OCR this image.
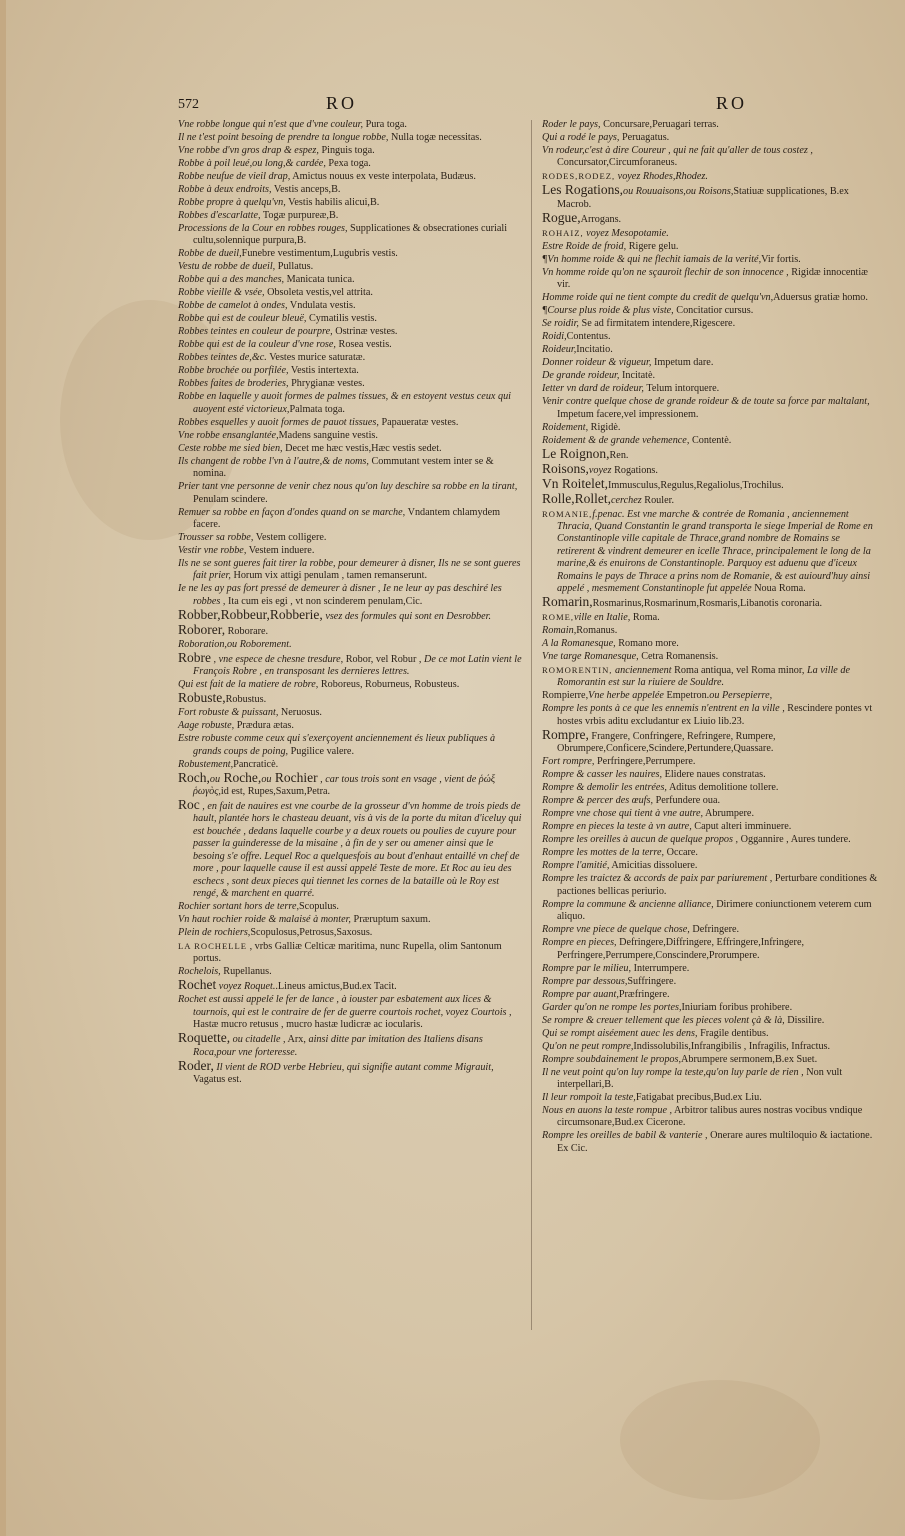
572	RO	RO
Vne robbe longue qui n'est que d'vne couleur, Pura toga.
Il ne t'est point besoing de prendre ta longue robbe, Nulla togæ necessitas.
Vne robbe d'vn gros drap & espez, Pinguis toga.
Robbe à poil leué,ou long,& cardée, Pexa toga.
Robbe neufue de vieil drap, Amictus nouus ex veste interpolata, Budæus.
Robbe à deux endroits, Vestis anceps,B.
Robbe propre à quelqu'vn, Vestis habilis alicui,B.
Robbes d'escarlatte, Togæ purpureæ,B.
Processions de la Cour en robbes rouges, Supplicationes & obsecrationes curiali cultu,solennique purpura,B.
Robbe de dueil,Funebre vestimentum,Lugubris vestis.
Vestu de robbe de dueil, Pullatus.
Robbe qui a des manches, Manicata tunica.
Robbe vieille & vsée, Obsoleta vestis,vel attrita.
Robbe de camelot à ondes, Vndulata vestis.
Robbe qui est de couleur bleuë, Cymatilis vestis.
Robbes teintes en couleur de pourpre, Ostrinæ vestes.
Robbe qui est de la couleur d'vne rose, Rosea vestis.
Robbes teintes de,&c. Vestes murice saturatæ.
Robbe brochée ou porfilée, Vestis intertexta.
Robbes faites de broderies, Phrygianæ vestes.
Robbe en laquelle y auoit formes de palmes tissues, & en estoyent vestus ceux qui auoyent esté victorieux,Palmata toga.
Robbes esquelles y auoit formes de pauot tissues, Papaueratæ vestes.
Vne robbe ensanglantée,Madens sanguine vestis.
Ceste robbe me sied bien, Decet me hæc vestis,Hæc vestis sedet.
Ils changent de robbe l'vn à l'autre,& de noms, Commutant vestem inter se & nomina.
Prier tant vne personne de venir chez nous qu'on luy deschire sa robbe en la tirant, Penulam scindere.
Remuer sa robbe en façon d'ondes quand on se marche, Vndantem chlamydem facere.
Trousser sa robbe, Vestem colligere.
Vestir vne robbe, Vestem induere.
Ils ne se sont gueres fait tirer la robbe, pour demeurer à disner, Ils ne se sont gueres fait prier, Horum vix attigi penulam , tamen remanserunt.
Ie ne les ay pas fort pressé de demeurer à disner , Ie ne leur ay pas deschiré les robbes , Ita cum eis egi , vt non scinderem penulam,Cic.
Robber,Robbeur,Robberie, vsez des formules qui sont en Desrobber.
Roborer, Roborare.
Roboration,ou Roborement.
Robre , vne espece de chesne tresdure, Robor, vel Robur , De ce mot Latin vient le François Robre , en transposant les dernieres lettres.
Qui est fait de la matiere de robre, Roboreus, Roburneus, Robusteus.
Robuste,Robustus.
Fort robuste & puissant, Neruosus.
Aage robuste, Prædura ætas.
Estre robuste comme ceux qui s'exerçoyent anciennement és lieux publiques à grands coups de poing, Pugilice valere.
Robustement,Pancraticè.
Roch,ou Roche,ou Rochier , car tous trois sont en vsage , vient de ῥώξ ῥωγὸς,id est, Rupes,Saxum,Petra.
Roc , en fait de nauires est vne courbe de la grosseur d'vn homme de trois pieds de hault, plantée hors le chasteau deuant, vis à vis de la porte du mitan d'iceluy qui est bouchée , dedans laquelle courbe y a deux rouets ou poulies de cuyure pour passer la guinderesse de la misaine , à fin de y ser ou amener ainsi que le besoing s'e offre. Lequel Roc a quelquesfois au bout d'enhaut entaillé vn chef de more , pour laquelle cause il est aussi appelé Teste de more. Et Roc au ieu des eschecs , sont deux pieces qui tiennet les cornes de la bataille où le Roy est rengé, & marchent en quarré.
Rochier sortant hors de terre,Scopulus.
Vn haut rochier roide & malaisé à monter, Præruptum saxum.
Plein de rochiers,Scopulosus,Petrosus,Saxosus.
LA ROCHELLE , vrbs Galliæ Celticæ maritima, nunc Rupella, olim Santonum portus.
Rochelois, Rupellanus.
Rochet voyez Roquet..Lineus amictus,Bud.ex Tacit.
Rochet est aussi appelé le fer de lance , à iouster par esbatement aux lices & tournois, qui est le contraire de fer de guerre courtois rochet, voyez Courtois , Hastæ mucro retusus , mucro hastæ ludicræ ac iocularis.
Roquette, ou citadelle , Arx, ainsi ditte par imitation des Italiens disans Roca,pour vne forteresse.
Roder, Il vient de ROD verbe Hebrieu, qui signifie autant comme Migrauit, Vagatus est.
Roder le pays, Concursare,Peruagari terras.
Qui a rodé le pays, Peruagatus.
Vn rodeur,c'est à dire Coureur , qui ne fait qu'aller de tous costez , Concursator,Circumforaneus.
RODES,RODEZ, voyez Rhodes,Rhodez.
Les Rogations,ou Rouuaisons,ou Roisons,Statiuæ supplicationes, B.ex Macrob.
Rogue,Arrogans.
ROHAIZ, voyez Mesopotamie.
Estre Roide de froid, Rigere gelu.
¶Vn homme roide & qui ne flechit iamais de la verité,Vir fortis.
Vn homme roide qu'on ne sçauroit flechir de son innocence , Rigidæ innocentiæ vir.
Homme roide qui ne tient compte du credit de quelqu'vn,Aduersus gratiæ homo.
¶Course plus roide & plus viste, Concitatior cursus.
Se roidir, Se ad firmitatem intendere,Rigescere.
Roidi,Contentus.
Roideur,Incitatio.
Donner roideur & vigueur, Impetum dare.
De grande roideur, Incitatè.
Ietter vn dard de roideur, Telum intorquere.
Venir contre quelque chose de grande roideur & de toute sa force par maltalant, Impetum facere,vel impressionem.
Roidement, Rigidè.
Roidement & de grande vehemence, Contentè.
Le Roignon,Ren.
Roisons,voyez Rogations.
Vn Roitelet,Immusculus,Regulus,Regaliolus,Trochilus.
Rolle,Rollet,cerchez Rouler.
ROMANIE,f.penac. Est vne marche & contrée de Romania , anciennement Thracia, Quand Constantin le grand transporta le siege Imperial de Rome en Constantinople ville capitale de Thrace,grand nombre de Romains se retirerent & vindrent demeurer en icelle Thrace, principalement le long de la marine,& és enuirons de Constantinople. Parquoy est aduenu que d'iceux Romains le pays de Thrace a prins nom de Romanie, & est auiourd'huy ainsi appelé , mesmement Constantinople fut appelée Noua Roma.
Romarin,Rosmarinus,Rosmarinum,Rosmaris,Libanotis coronaria.
ROME,ville en Italie, Roma.
Romain,Romanus.
A la Romanesque, Romano more.
Vne targe Romanesque, Cetra Romanensis.
ROMORENTIN, anciennement Roma antiqua, vel Roma minor, La ville de Romorantin est sur la riuiere de Souldre.
Rompierre,Vne herbe appelée Empetron.ou Persepierre,
Rompre les ponts à ce que les ennemis n'entrent en la ville , Rescindere pontes vt hostes vrbis aditu excludantur ex Liuio lib.23.
Rompre, Frangere, Confringere, Refringere, Rumpere, Obrumpere,Conficere,Scindere,Pertundere,Quassare.
Fort rompre, Perfringere,Perrumpere.
Rompre & casser les nauires, Elidere naues constratas.
Rompre & demolir les entrées, Aditus demolitione tollere.
Rompre & percer des œufs, Perfundere oua.
Rompre vne chose qui tient à vne autre, Abrumpere.
Rompre en pieces la teste à vn autre, Caput alteri imminuere.
Rompre les oreilles à aucun de quelque propos , Oggannire , Aures tundere.
Rompre les mottes de la terre, Occare.
Rompre l'amitié, Amicitias dissoluere.
Rompre les traictez & accords de paix par pariurement , Perturbare conditiones & pactiones bellicas periurio.
Rompre la commune & ancienne alliance, Dirimere coniunctionem veterem cum aliquo.
Rompre vne piece de quelque chose, Defringere.
Rompre en pieces, Defringere,Diffringere, Effringere,Infringere, Perfringere,Perrumpere,Conscindere,Prorumpere.
Rompre par le milieu, Interrumpere.
Rompre par dessous,Suffringere.
Rompre par auant,Præfringere.
Garder qu'on ne rompe les portes,Iniuriam foribus prohibere.
Se rompre & creuer tellement que les pieces volent çà & là, Dissilire.
Qui se rompt aiséement auec les dens, Fragile dentibus.
Qu'on ne peut rompre,Indissolubilis,Infrangibilis , Infragilis, Infractus.
Rompre soubdainement le propos,Abrumpere sermonem,B.ex Suet.
Il ne veut point qu'on luy rompe la teste,qu'on luy parle de rien , Non vult interpellari,B.
Il leur rompoit la teste,Fatigabat precibus,Bud.ex Liu.
Nous en auons la teste rompue , Arbitror talibus aures nostras vocibus vndique circumsonare,Bud.ex Cicerone.
Rompre les oreilles de babil & vanterie , Onerare aures multiloquio & iactatione. Ex Cic.
